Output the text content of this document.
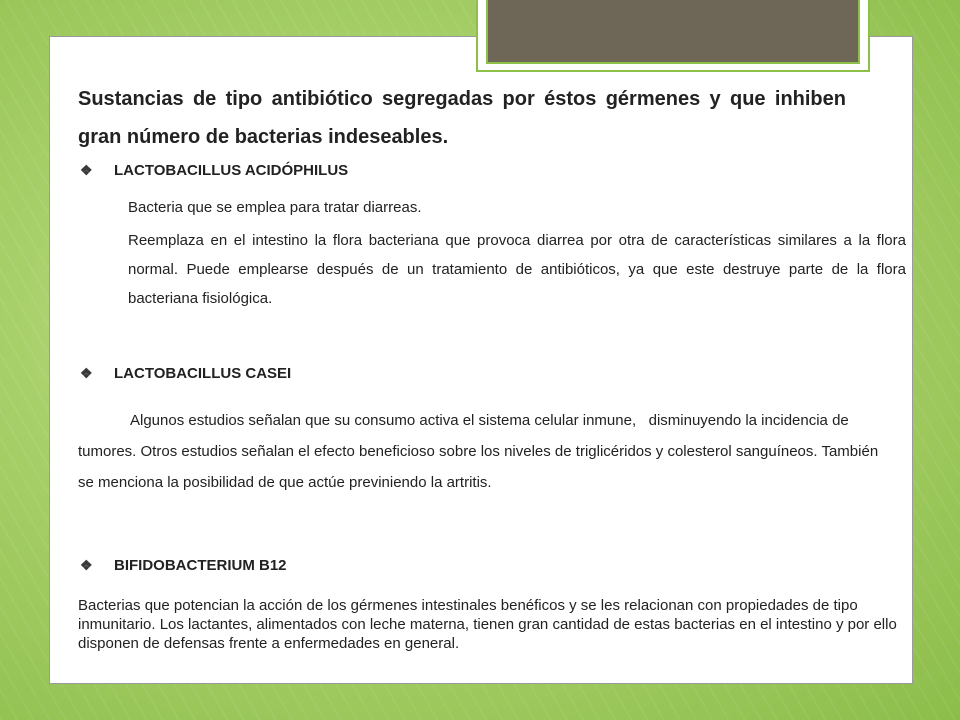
Sustancias de tipo antibiótico segregadas por éstos gérmenes y que inhiben gran número de bacterias indeseables.

❖ LACTOBACILLUS ACIDÓPHILUS

Bacteria que se emplea para tratar diarreas.

Reemplaza en el intestino la flora bacteriana que provoca diarrea por otra de características similares a la flora normal. Puede emplearse después de un tratamiento de antibióticos, ya que este destruye parte de la flora bacteriana fisiológica.

❖ LACTOBACILLUS CASEI

Algunos estudios señalan que su consumo activa el sistema celular inmune,   disminuyendo la incidencia de tumores. Otros estudios señalan el efecto beneficioso sobre los niveles de triglicéridos y colesterol sanguíneos. También se menciona la posibilidad de que actúe previniendo la artritis.

❖ BIFIDOBACTERIUM B12

Bacterias que potencian la acción de los gérmenes intestinales benéficos y se les relacionan con propiedades de tipo inmunitario. Los lactantes, alimentados con leche materna, tienen gran cantidad de estas bacterias en el intestino y por ello disponen de defensas frente a enfermedades en general.
